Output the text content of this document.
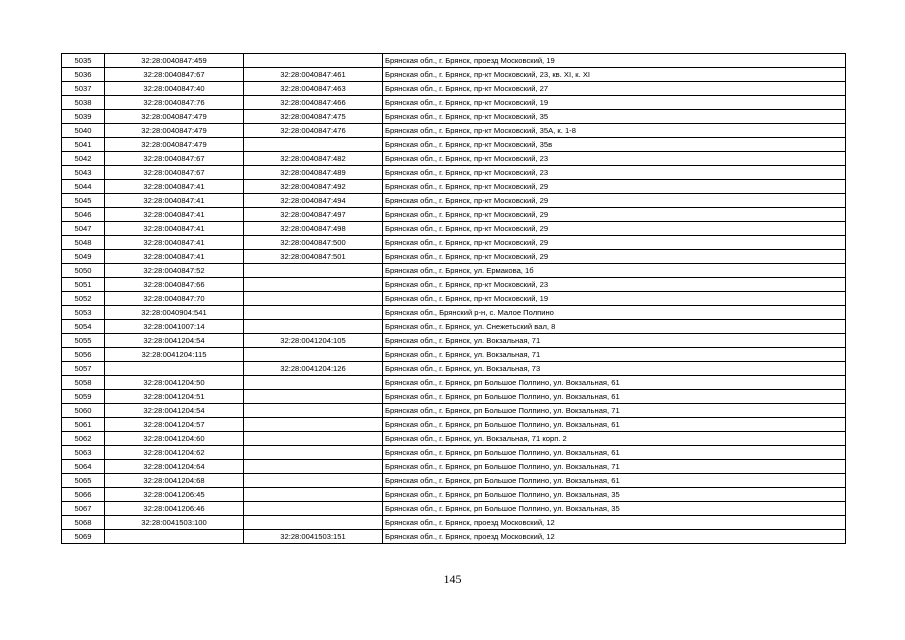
5035	32:28:0040847:459		Брянская обл., г. Брянск, проезд Московский, 19
5036	32:28:0040847:67	32:28:0040847:461	Брянская обл., г. Брянск, пр-кт Московский, 23, кв. XI, к. XI
5037	32:28:0040847:40	32:28:0040847:463	Брянская обл., г. Брянск, пр-кт Московский, 27
5038	32:28:0040847:76	32:28:0040847:466	Брянская обл., г. Брянск, пр-кт Московский, 19
5039	32:28:0040847:479	32:28:0040847:475	Брянская обл., г. Брянск, пр-кт Московский, 35
5040	32:28:0040847:479	32:28:0040847:476	Брянская обл., г. Брянск, пр-кт Московский, 35А, к. 1-8
5041	32:28:0040847:479		Брянская обл., г. Брянск, пр-кт Московский, 35в
5042	32:28:0040847:67	32:28:0040847:482	Брянская обл., г. Брянск, пр-кт Московский, 23
5043	32:28:0040847:67	32:28:0040847:489	Брянская обл., г. Брянск, пр-кт Московский, 23
5044	32:28:0040847:41	32:28:0040847:492	Брянская обл., г. Брянск, пр-кт Московский, 29
5045	32:28:0040847:41	32:28:0040847:494	Брянская обл., г. Брянск, пр-кт Московский, 29
5046	32:28:0040847:41	32:28:0040847:497	Брянская обл., г. Брянск, пр-кт Московский, 29
5047	32:28:0040847:41	32:28:0040847:498	Брянская обл., г. Брянск, пр-кт Московский, 29
5048	32:28:0040847:41	32:28:0040847:500	Брянская обл., г. Брянск, пр-кт Московский, 29
5049	32:28:0040847:41	32:28:0040847:501	Брянская обл., г. Брянск, пр-кт Московский, 29
5050	32:28:0040847:52		Брянская обл., г. Брянск, ул. Ермакова, 1б
5051	32:28:0040847:66		Брянская обл., г. Брянск, пр-кт Московский, 23
5052	32:28:0040847:70		Брянская обл., г. Брянск, пр-кт Московский, 19
5053	32:28:0040904:541		Брянская обл., Брянский р-н, с. Малое Полпино
5054	32:28:0041007:14		Брянская обл., г. Брянск, ул. Снежетьский вал, 8
5055	32:28:0041204:54	32:28:0041204:105	Брянская обл., г. Брянск, ул. Вокзальная, 71
5056	32:28:0041204:115		Брянская обл., г. Брянск, ул. Вокзальная, 71
5057		32:28:0041204:126	Брянская обл., г. Брянск, ул. Вокзальная, 73
5058	32:28:0041204:50		Брянская обл., г. Брянск, рп Большое Полпино, ул. Вокзальная, 61
5059	32:28:0041204:51		Брянская обл., г. Брянск, рп Большое Полпино, ул. Вокзальная, 61
5060	32:28:0041204:54		Брянская обл., г. Брянск, рп Большое Полпино, ул. Вокзальная, 71
5061	32:28:0041204:57		Брянская обл., г. Брянск, рп Большое Полпино, ул. Вокзальная, 61
5062	32:28:0041204:60		Брянская обл., г. Брянск, ул. Вокзальная, 71 корп. 2
5063	32:28:0041204:62		Брянская обл., г. Брянск, рп Большое Полпино, ул. Вокзальная, 61
5064	32:28:0041204:64		Брянская обл., г. Брянск, рп Большое Полпино, ул. Вокзальная, 71
5065	32:28:0041204:68		Брянская обл., г. Брянск, рп Большое Полпино, ул. Вокзальная, 61
5066	32:28:0041206:45		Брянская обл., г. Брянск, рп Большое Полпино, ул. Вокзальная, 35
5067	32:28:0041206:46		Брянская обл., г. Брянск, рп Большое Полпино, ул. Вокзальная, 35
5068	32:28:0041503:100		Брянская обл., г. Брянск, проезд Московский, 12
5069		32:28:0041503:151	Брянская обл., г. Брянск, проезд Московский, 12
145
